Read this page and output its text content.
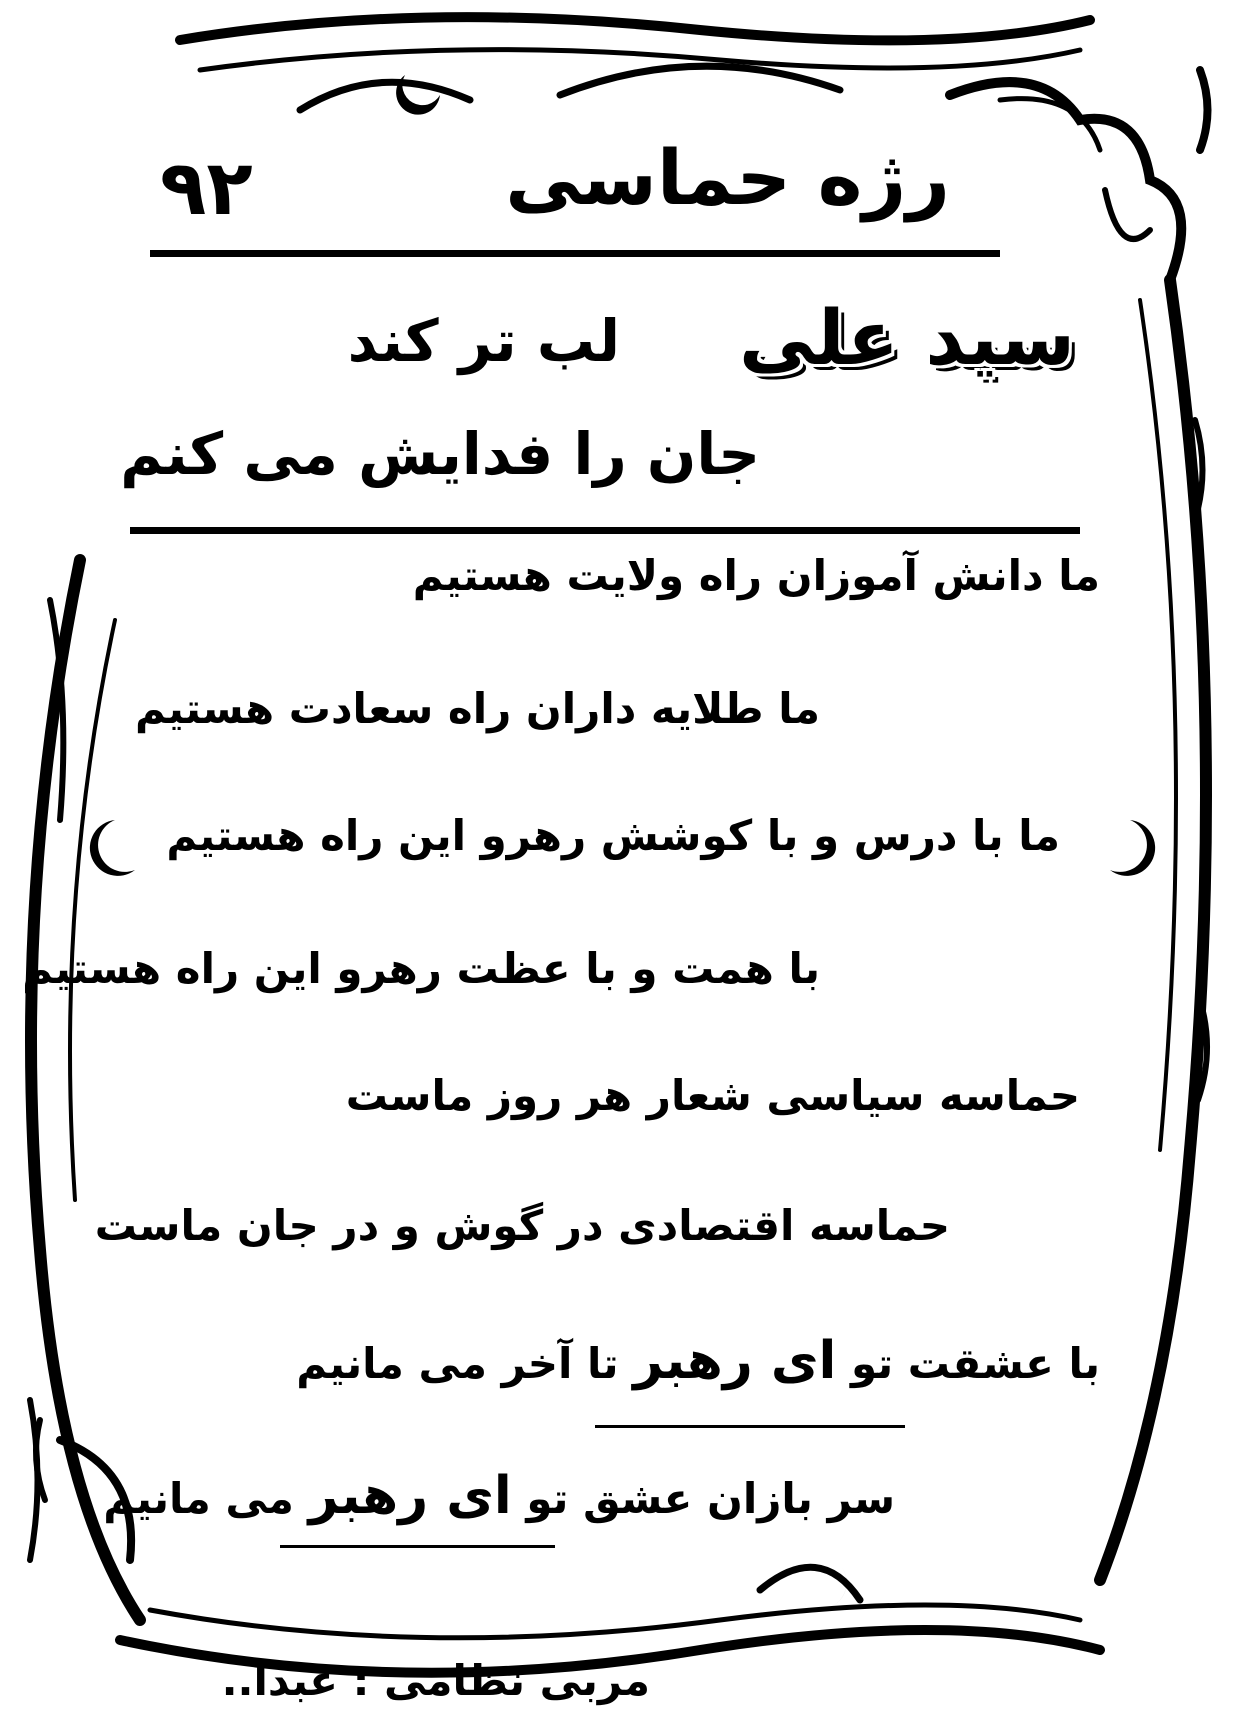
رژه حماسی
۹۲
سید علی
لب تر کند
جان را فدایش می کنم
ما دانش آموزان راه ولایت هستیم
ما طلایه داران راه سعادت هستیم
ما با درس و با کوشش رهرو این راه هستیم
با همت و با عظت رهرو این راه هستیم
حماسه سیاسی شعار هر روز ماست
حماسه اقتصادی در گوش و در جان ماست
با عشقت تو ای رهبر تا آخر می مانیم
سر بازان عشق تو ای رهبر می مانیم
مربی نظامی : عبدا..
